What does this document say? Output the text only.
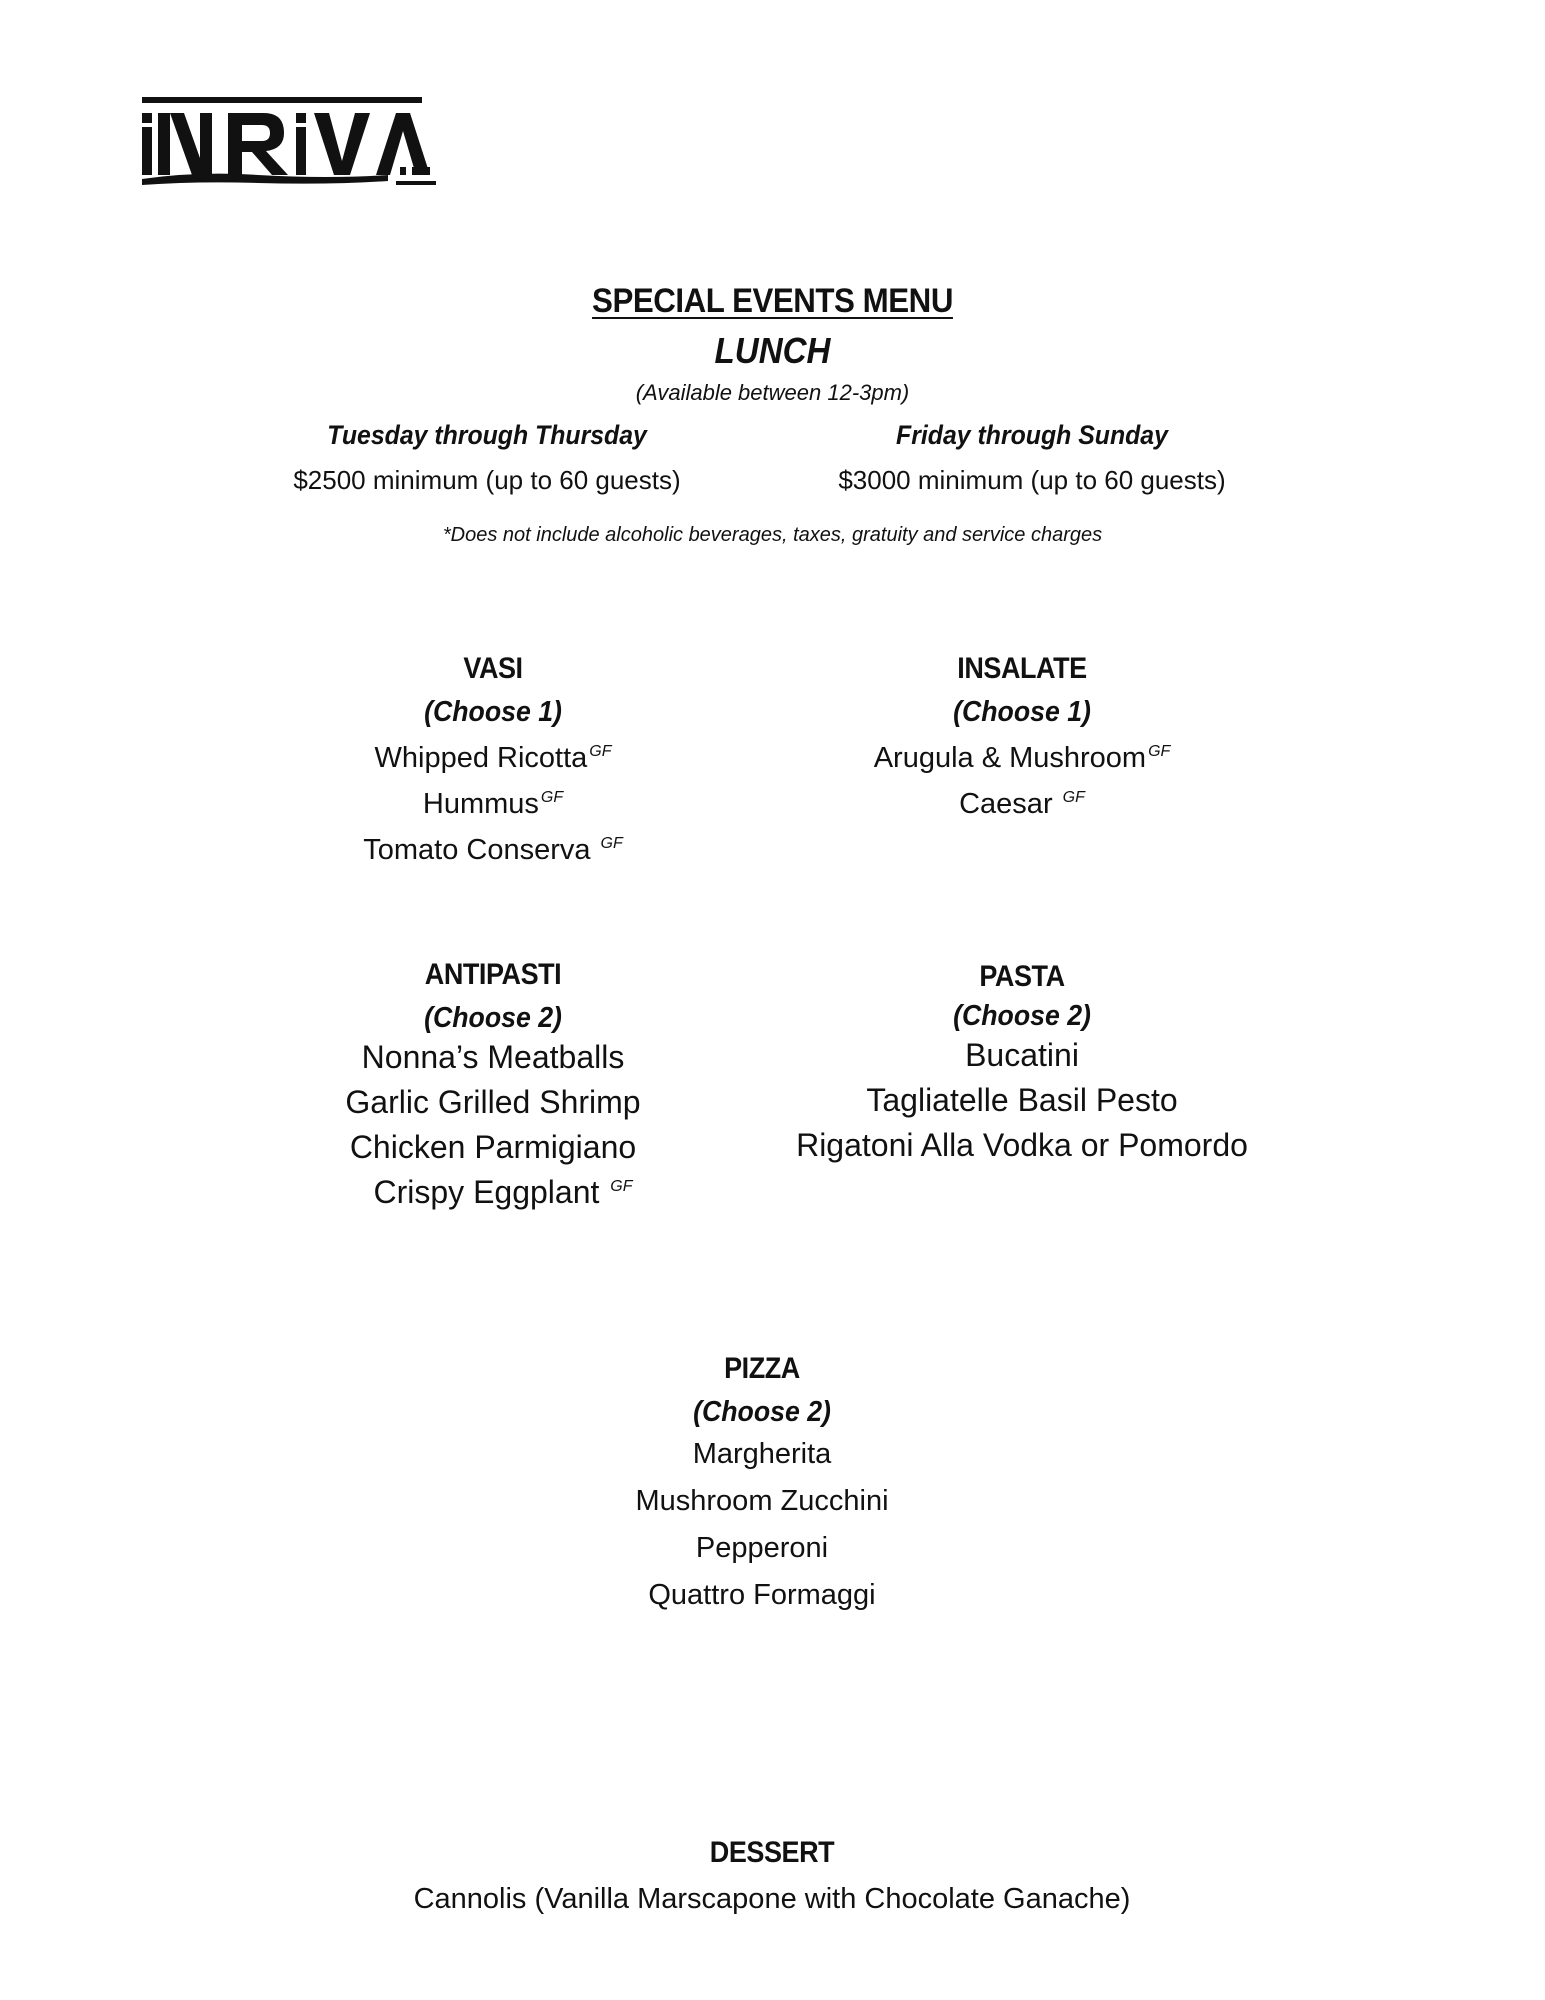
SPECIAL EVENTS MENU
LUNCH
(Available between 12-3pm)
Tuesday through Thursday
$2500 minimum (up to 60 guests)
Friday through Sunday
$3000 minimum (up to 60 guests)
*Does not include alcoholic beverages, taxes, gratuity and service charges
VASI
(Choose 1)
Whipped Ricotta $^{GF}$
Hummus $^{GF}$
Tomato Conserva $^{GF}$
INSALATE
(Choose 1)
Arugula & Mushroom $^{GF}$
Caesar $^{GF}$
ANTIPASTI
(Choose 2)
Nonna’s Meatballs
Garlic Grilled Shrimp
Chicken Parmigiano
Crispy Eggplant $^{GF}$
PASTA
(Choose 2)
Bucatini
Tagliatelle Basil Pesto
Rigatoni Alla Vodka or Pomordo
PIZZA
(Choose 2)
Margherita
Mushroom Zucchini
Pepperoni
Quattro Formaggi
DESSERT
Cannolis (Vanilla Marscapone with Chocolate Ganache)
